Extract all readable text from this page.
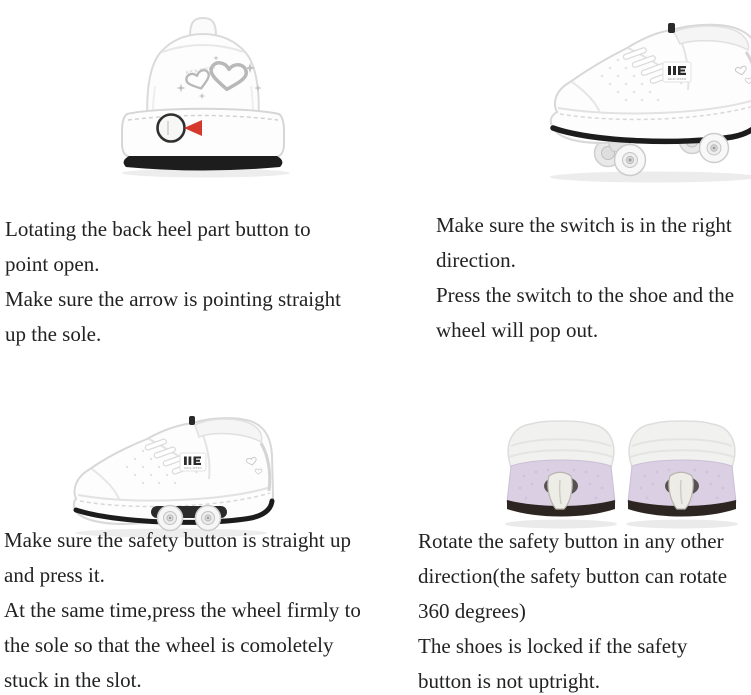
KICK SPEED
KICK SPEED
KICK SPEED
Lotating the back heel part button to
point open.
Make sure the arrow is pointing straight
up the sole.
Make sure the switch is in the right
direction.
Press the switch to the shoe and the
wheel will pop out.
Make sure the safety button is straight up
and press it.
At the same time,press the wheel firmly to
the sole so that the wheel is comoletely
stuck in the slot.
Rotate the safety button in any other
direction(the safety button can rotate
360 degrees)
The shoes is locked if the safety
button is not uptright.
